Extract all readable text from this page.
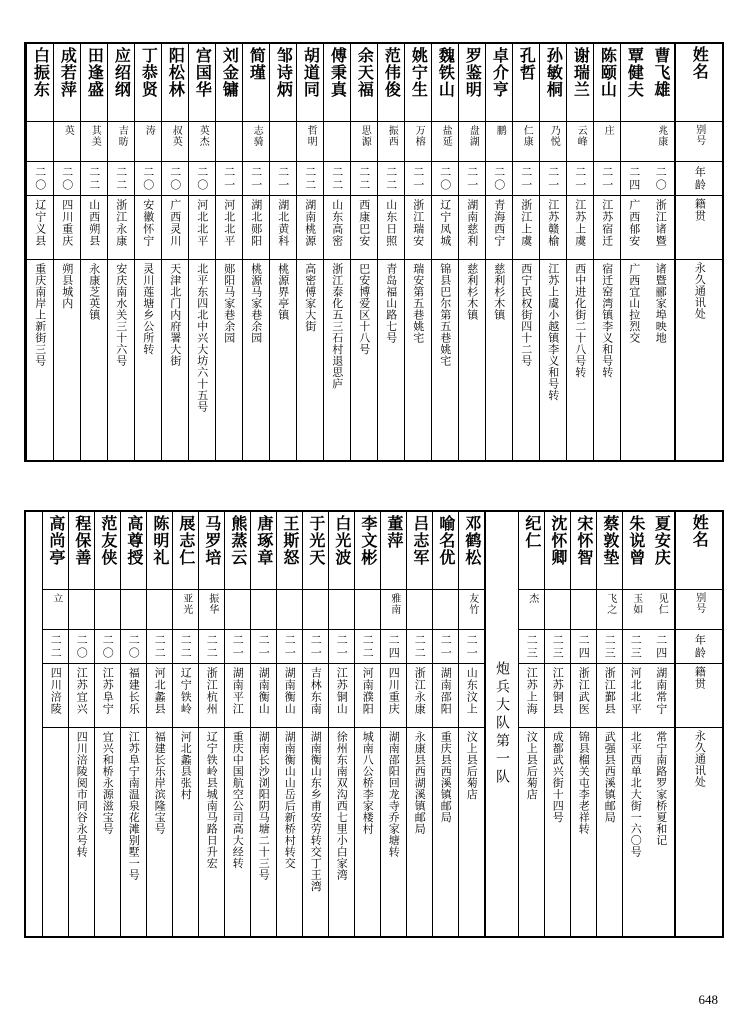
姓名
别号
年龄
籍贯
永久通讯处
曹飞雄
兆康
二〇
浙江诸暨
诸暨郦家埠映地
覃健夫
二四
广西郁安
广西宜山拉烈交
陈颐山
庄
二一
江苏宿迁
宿迁窑湾镇李义和号转
谢瑞兰
云峰
二一
江苏上虞
西中进化街二十八号转
孙敏桐
乃悦
二一
江苏赣榆
江苏上虞小越镇李义和号转
孔哲
仁康
二一
浙江上虞
西宁民权街四十二号
卓介亨
鹏
二〇
青海西宁
慈利杉木镇
罗鉴明
盘湖
二一
湖南慈利
慈利杉木镇
魏铁山
盐延
二〇
辽宁凤城
锦县巴尔第五巷姚宅
姚宁生
万榕
二一
浙江瑞安
瑞安第五巷姚宅
范伟俊
振西
二二
山东日照
青岛福山路七号
余天福
思源
二二
西康巴安
巴安博爱区十八号
傅秉真
二二
山东高密
浙江泰化五三石村退思庐
胡道同
哲明
二二
湖南桃源
高密傅家大街
邹诗炳
二一
湖北黄科
桃源界亭镇
简瑾
志骑
二一
湖北郧阳
桃源马家巷余园
刘金镛
二一
河北北平
郧阳马家巷余园
宫国华
英杰
二〇
河北北平
北平东四北中兴大坊六十五号
阳松林
叔英
二〇
广西灵川
天津北门内府署大街
丁恭贤
涛
二〇
安徽怀宁
灵川莲塘乡公所转
应绍纲
吉昉
二二
浙江永康
安庆南水关三十六号
田逢盛
其美
二二
山西朔县
永康芝英镇
成若萍
英
二〇
四川重庆
朔县城内
白振东
二〇
辽宁义县
重庆南岸上新街三号
姓名
别号
年龄
籍贯
永久通讯处
夏安庆
见仁
二四
湖南常宁
常宁南路罗家桥夏和记
朱说曾
玉如
二三
河北北平
北平西单北大街一六〇号
蔡敦垫
飞之
二三
浙江鄞县
武强县西溪镇邮局
宋怀智
二四
浙江武医
锦县榴关屯李老祥转
沈怀卿
二三
江苏铜县
成都武兴街十四号
纪仁
杰
二三
江苏上海
汶上县后菊店
炮兵大队第一队
邓鹤松
友竹
二一
山东汶上
汶上县后菊店
喻名优
二一
湖南邵阳
重庆县西溪镇邮局
吕志军
二二
浙江永康
永康县西湖溪镇邮局
董萍
雅南
二四
四川重庆
湖南邵阳回龙寺乔家塘转
李文彬
二二
河南濮阳
城南八公桥李家楼村
白光波
二一
江苏铜山
徐州东南双沟西七里小白家湾
于光天
二一
吉林东南
湖南衡山东乡甫安劳转交丁王湾
王斯怒
二一
湖南衡山
湖南衡山山岳后新桥村转交
唐琢章
二一
湖南衡山
湖南长沙浏阳阴马塘二十三号
熊蒸云
二一
湖南平江
重庆中国航空公司高大经转
马罗培
振华
二二
浙江杭州
辽宁铁岭县城南马路日升宏
展志仁
亚光
二二
辽宁铁岭
河北蠡县张村
陈明礼
二二
河北蠡县
福建长乐岸滨隆宝号
高尊授
二〇
福建长乐
江苏阜宁南温泉花滩别墅一号
范友侠
二〇
江苏阜宁
宜兴和桥永源滋宝号
程保善
二〇
江苏宜兴
四川涪陵阅市同谷永号转
高尚亭
立
二二
四川涪陵
648
